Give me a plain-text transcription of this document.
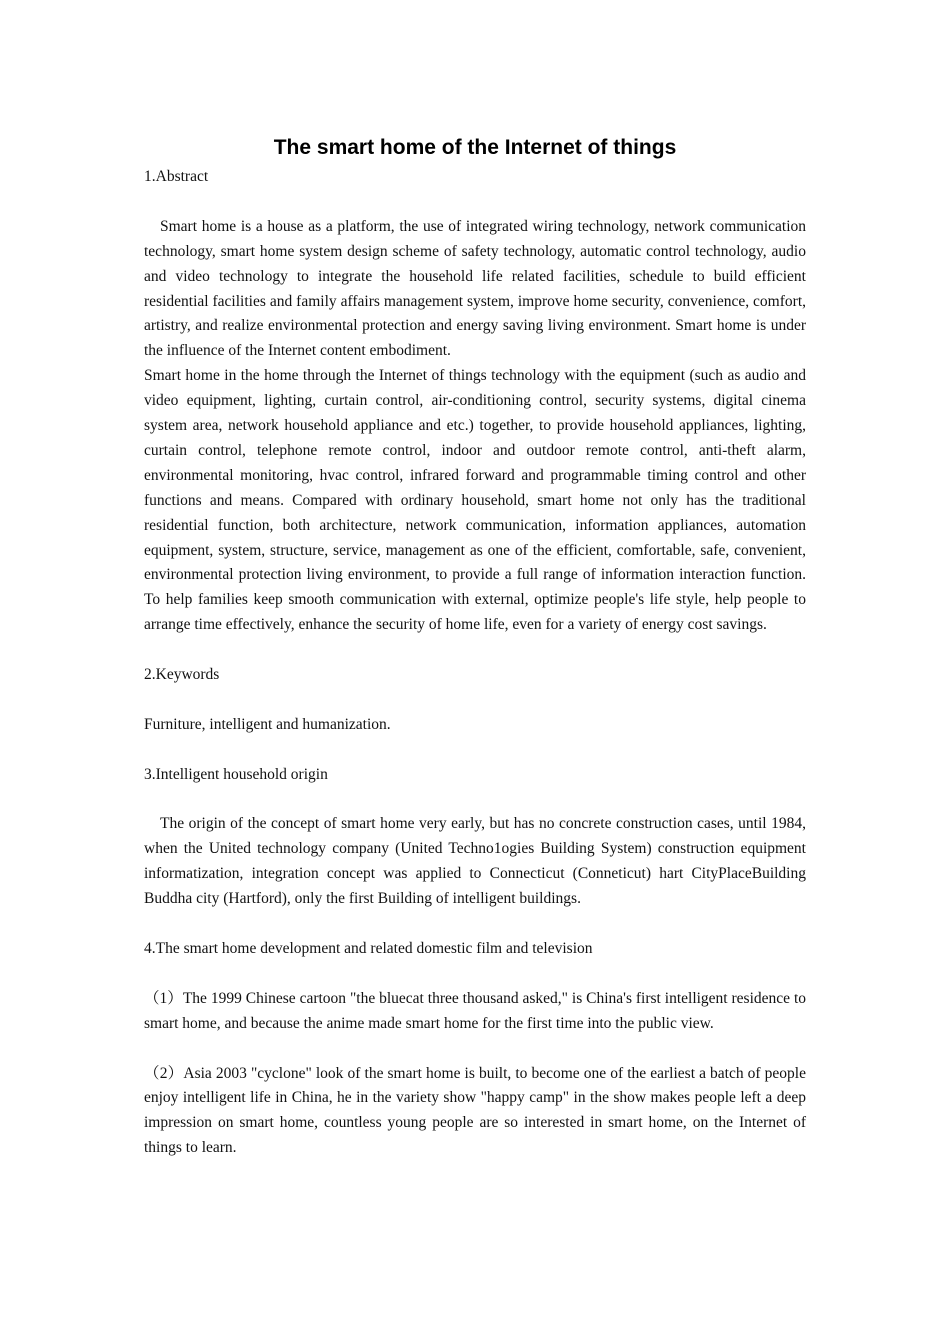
The smart home of the Internet of things

1.Abstract

Smart home is a house as a platform, the use of integrated wiring technology, network communication technology, smart home system design scheme of safety technology, automatic control technology, audio and video technology to integrate the household life related facilities, schedule to build efficient residential facilities and family affairs management system, improve home security, convenience, comfort, artistry, and realize environmental protection and energy saving living environment. Smart home is under the influence of the Internet content embodiment.

Smart home in the home through the Internet of things technology with the equipment (such as audio and video equipment, lighting, curtain control, air-conditioning control, security systems, digital cinema system area, network household appliance and etc.) together, to provide household appliances, lighting, curtain control, telephone remote control, indoor and outdoor remote control, anti-theft alarm, environmental monitoring, hvac control, infrared forward and programmable timing control and other functions and means. Compared with ordinary household, smart home not only has the traditional residential function, both architecture, network communication, information appliances, automation equipment, system, structure, service, management as one of the efficient, comfortable, safe, convenient, environmental protection living environment, to provide a full range of information interaction function. To help families keep smooth communication with external, optimize people's life style, help people to arrange time effectively, enhance the security of home life, even for a variety of energy cost savings.

2.Keywords

Furniture, intelligent and humanization.

3.Intelligent household origin

The origin of the concept of smart home very early, but has no concrete construction cases, until 1984, when the United technology company (United Techno1ogies Building System) construction equipment informatization, integration concept was applied to Connecticut (Conneticut) hart CityPlaceBuilding Buddha city (Hartford), only the first Building of intelligent buildings.

4.The smart home development and related domestic film and television

（1）The 1999 Chinese cartoon "the bluecat three thousand asked," is China's first intelligent residence to smart home, and because the anime made smart home for the first time into the public view.

（2）Asia 2003 "cyclone" look of the smart home is built, to become one of the earliest a batch of people enjoy intelligent life in China, he in the variety show "happy camp" in the show makes people left a deep impression on smart home, countless young people are so interested in smart home, on the Internet of things to learn.
